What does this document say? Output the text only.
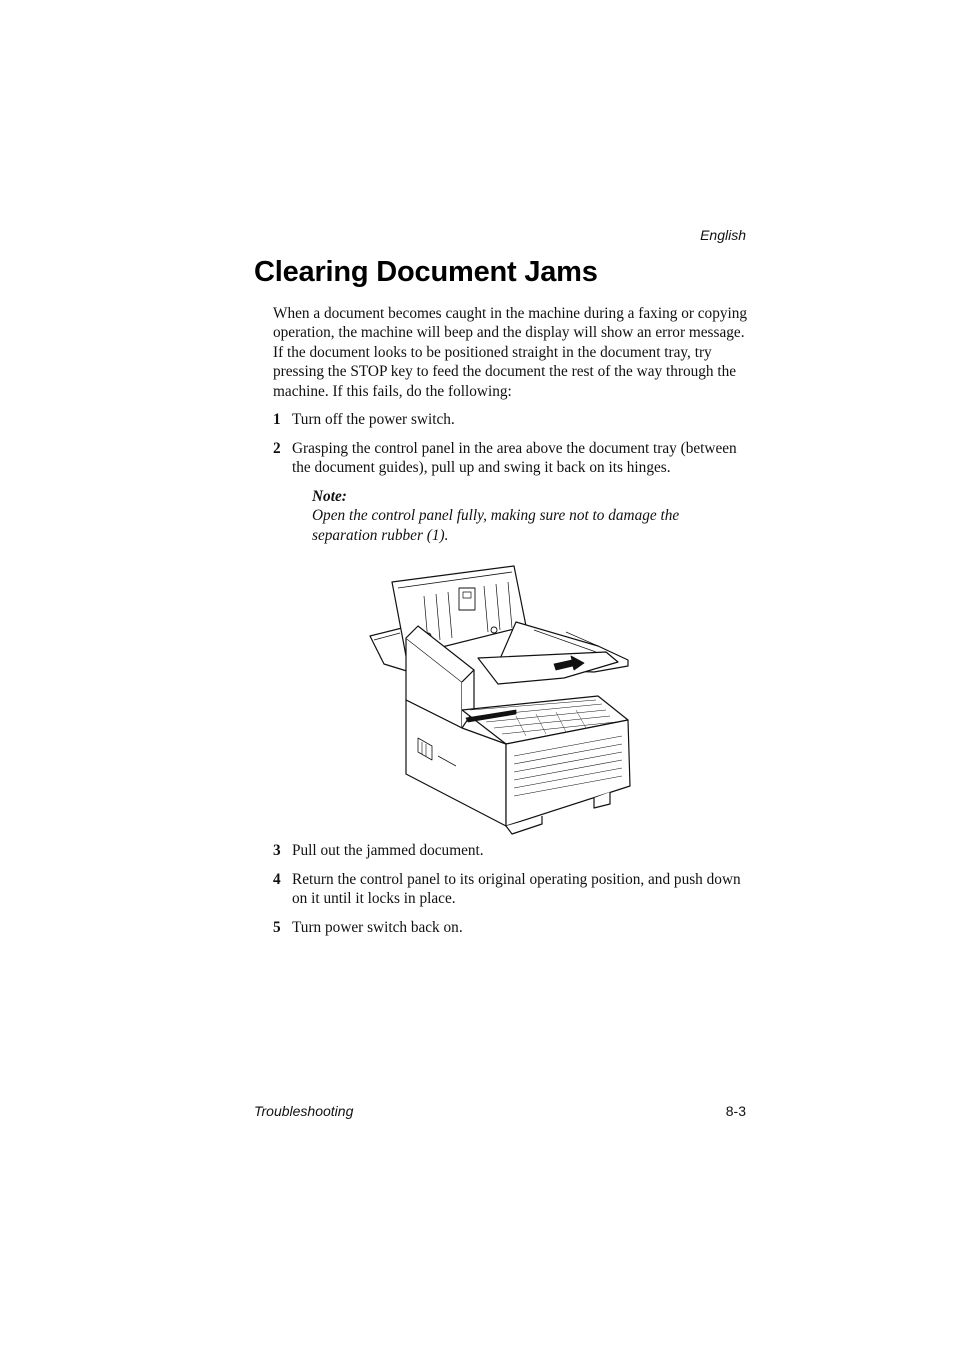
English
Clearing Document Jams

When a document becomes caught in the machine during a faxing or copying operation, the machine will beep and the display will show an error message. If the document looks to be positioned straight in the document tray, try pressing the STOP key to feed the document the rest of the way through the machine. If this fails, do the following:

1 Turn off the power switch.
2 Grasping the control panel in the area above the document tray (between the document guides), pull up and swing it back on its hinges.

Note:

Open the control panel fully, making sure not to damage the separation rubber (1).

3 Pull out the jammed document.
4 Return the control panel to its original operating position, and push down on it until it locks in place.
5 Turn power switch back on.
Troubleshooting	8-3
